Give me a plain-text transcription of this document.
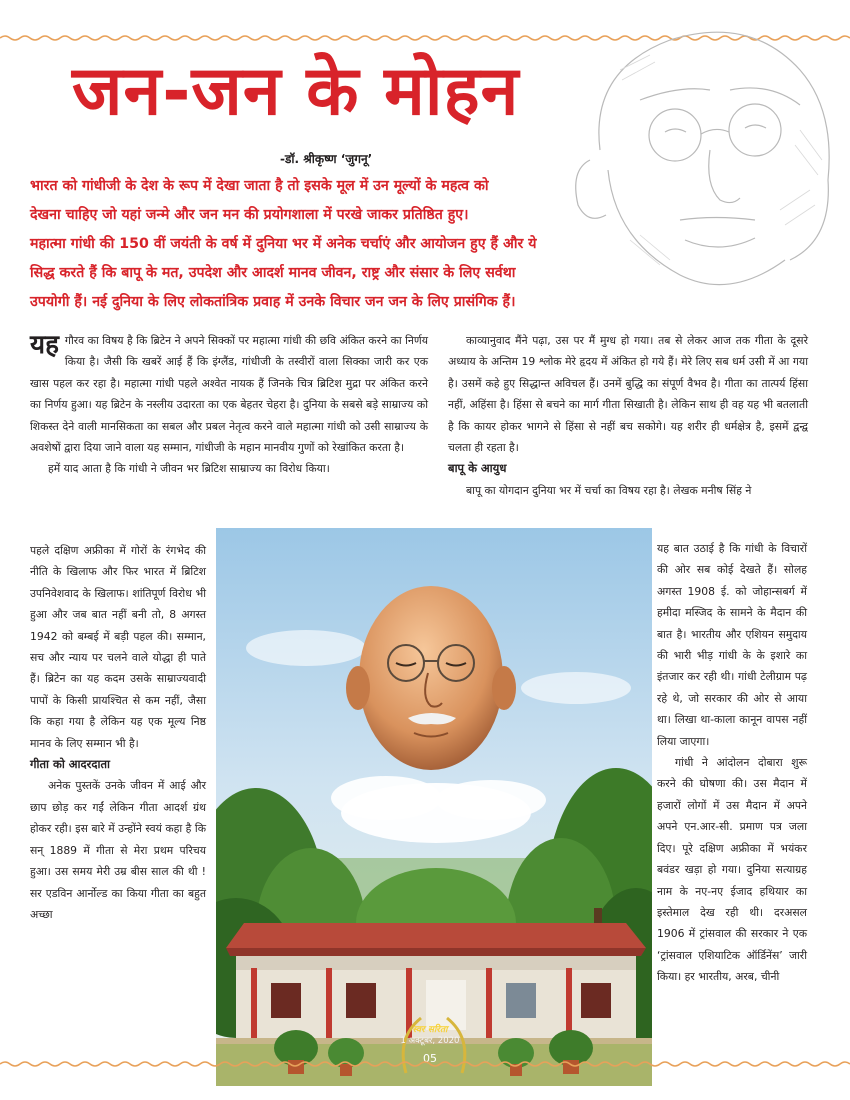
जन-जन के मोहन
-डॉ. श्रीकृष्ण ‘जुगनू’
भारत को गांधीजी के देश के रूप में देखा जाता है तो इसके मूल में उन मूल्यों के महत्व को
देखना चाहिए जो यहां जन्मे और जन मन की प्रयोगशाला में परखे जाकर प्रतिष्ठित हुए।
महात्मा गांधी की 150 वीं जयंती के वर्ष में दुनिया भर में अनेक चर्चाएं और आयोजन हुए हैं और ये
सिद्ध करते हैं कि बापू के मत, उपदेश और आदर्श मानव जीवन, राष्ट्र और संसार के लिए सर्वथा
उपयोगी हैं। नई दुनिया के लिए लोकतांत्रिक प्रवाह में उनके विचार जन जन के लिए प्रासंगिक हैं।

यह गौरव का विषय है कि ब्रिटेन ने अपने सिक्कों पर महात्मा गांधी की छवि अंकित करने का निर्णय किया है। जैसी कि खबरें आई हैं कि इंग्लैंड, गांधीजी के तस्वीरों वाला सिक्का जारी कर एक खास पहल कर रहा है। महात्मा गांधी पहले अश्वेत नायक हैं जिनके चित्र ब्रिटिश मुद्रा पर अंकित करने का निर्णय हुआ। यह ब्रिटेन के नस्लीय उदारता का एक बेहतर चेहरा है। दुनिया के सबसे बड़े साम्राज्य को शिकस्त देने वाली मानसिकता का सबल और प्रबल नेतृत्व करने वाले महात्मा गांधी को उसी साम्राज्य के अवशेषों द्वारा दिया जाने वाला यह सम्मान, गांधीजी के महान मानवीय गुणों को रेखांकित करता है।

हमें याद आता है कि गांधी ने जीवन भर ब्रिटिश साम्राज्य का विरोध किया।

काव्यानुवाद मैंने पढ़ा, उस पर मैं मुग्ध हो गया। तब से लेकर आज तक गीता के दूसरे अध्याय के अन्तिम 19 श्लोक मेरे हृदय में अंकित हो गये हैं। मेरे लिए सब धर्म उसी में आ गया है। उसमें कहे हुए सिद्धान्त अविचल हैं। उनमें बुद्धि का संपूर्ण वैभव है। गीता का तात्पर्य हिंसा नहीं, अहिंसा है। हिंसा से बचने का मार्ग गीता सिखाती है। लेकिन साथ ही वह यह भी बतलाती है कि कायर होकर भागने से हिंसा से नहीं बच सकोगे। यह शरीर ही धर्मक्षेत्र है, इसमें द्वन्द्व चलता ही रहता है।

बापू के आयुध

बापू का योगदान दुनिया भर में चर्चा का विषय रहा है। लेखक मनीष सिंह ने

पहले दक्षिण अफ्रीका में गोरों के रंगभेद की नीति के खिलाफ और फिर भारत में ब्रिटिश उपनिवेशवाद के खिलाफ। शांतिपूर्ण विरोध भी हुआ और जब बात नहीं बनी तो, 8 अगस्त 1942 को बम्बई में बड़ी पहल की। सम्मान, सच और न्याय पर चलने वाले योद्धा ही पाते हैं। ब्रिटेन का यह कदम उसके साम्राज्यवादी पापों के किसी प्रायश्चित से कम नहीं, जैसा कि कहा गया है लेकिन यह एक मूल्य निष्ठ मानव के लिए सम्मान भी है।

गीता को आदरदाता

अनेक पुस्तकें उनके जीवन में आई और छाप छोड़ कर गईं लेकिन गीता आदर्श ग्रंथ होकर रही। इस बारे में उन्होंने स्वयं कहा है कि सन् 1889 में गीता से मेरा प्रथम परिचय हुआ। उस समय मेरी उम्र बीस साल की थी ! सर एडविन आर्नोल्ड का किया गीता का बहुत अच्छा

यह बात उठाई है कि गांधी के विचारों की ओर सब कोई देखते हैं। सोलह अगस्त 1908 ई. को जोहान्सबर्ग में हमीदा मस्जिद के सामने के मैदान की बात है। भारतीय और एशियन समुदाय की भारी भीड़ गांधी के के इशारे का इंतजार कर रही थी। गांधी टेलीग्राम पढ़ रहे थे, जो सरकार की ओर से आया था। लिखा था-काला कानून वापस नहीं लिया जाएगा।

गांधी ने आंदोलन दोबारा शुरू करने की घोषणा की। उस मैदान में हजारों लोगों में उस मैदान में अपने अपने एन.आर-सी. प्रमाण पत्र जला दिए। पूरे दक्षिण अफ्रीका में भयंकर बवंडर खड़ा हो गया। दुनिया सत्याग्रह नाम के नए-नए ईजाद हथियार का इस्तेमाल देख रही थी। दरअसल 1906 में ट्रांसवाल की सरकार ने एक ‘ट्रांसवाल एशियाटिक ऑर्डिनेंस’ जारी किया। हर भारतीय, अरब, चीनी

स्वर सरिता
1 अक्टूबर, 2020
05
